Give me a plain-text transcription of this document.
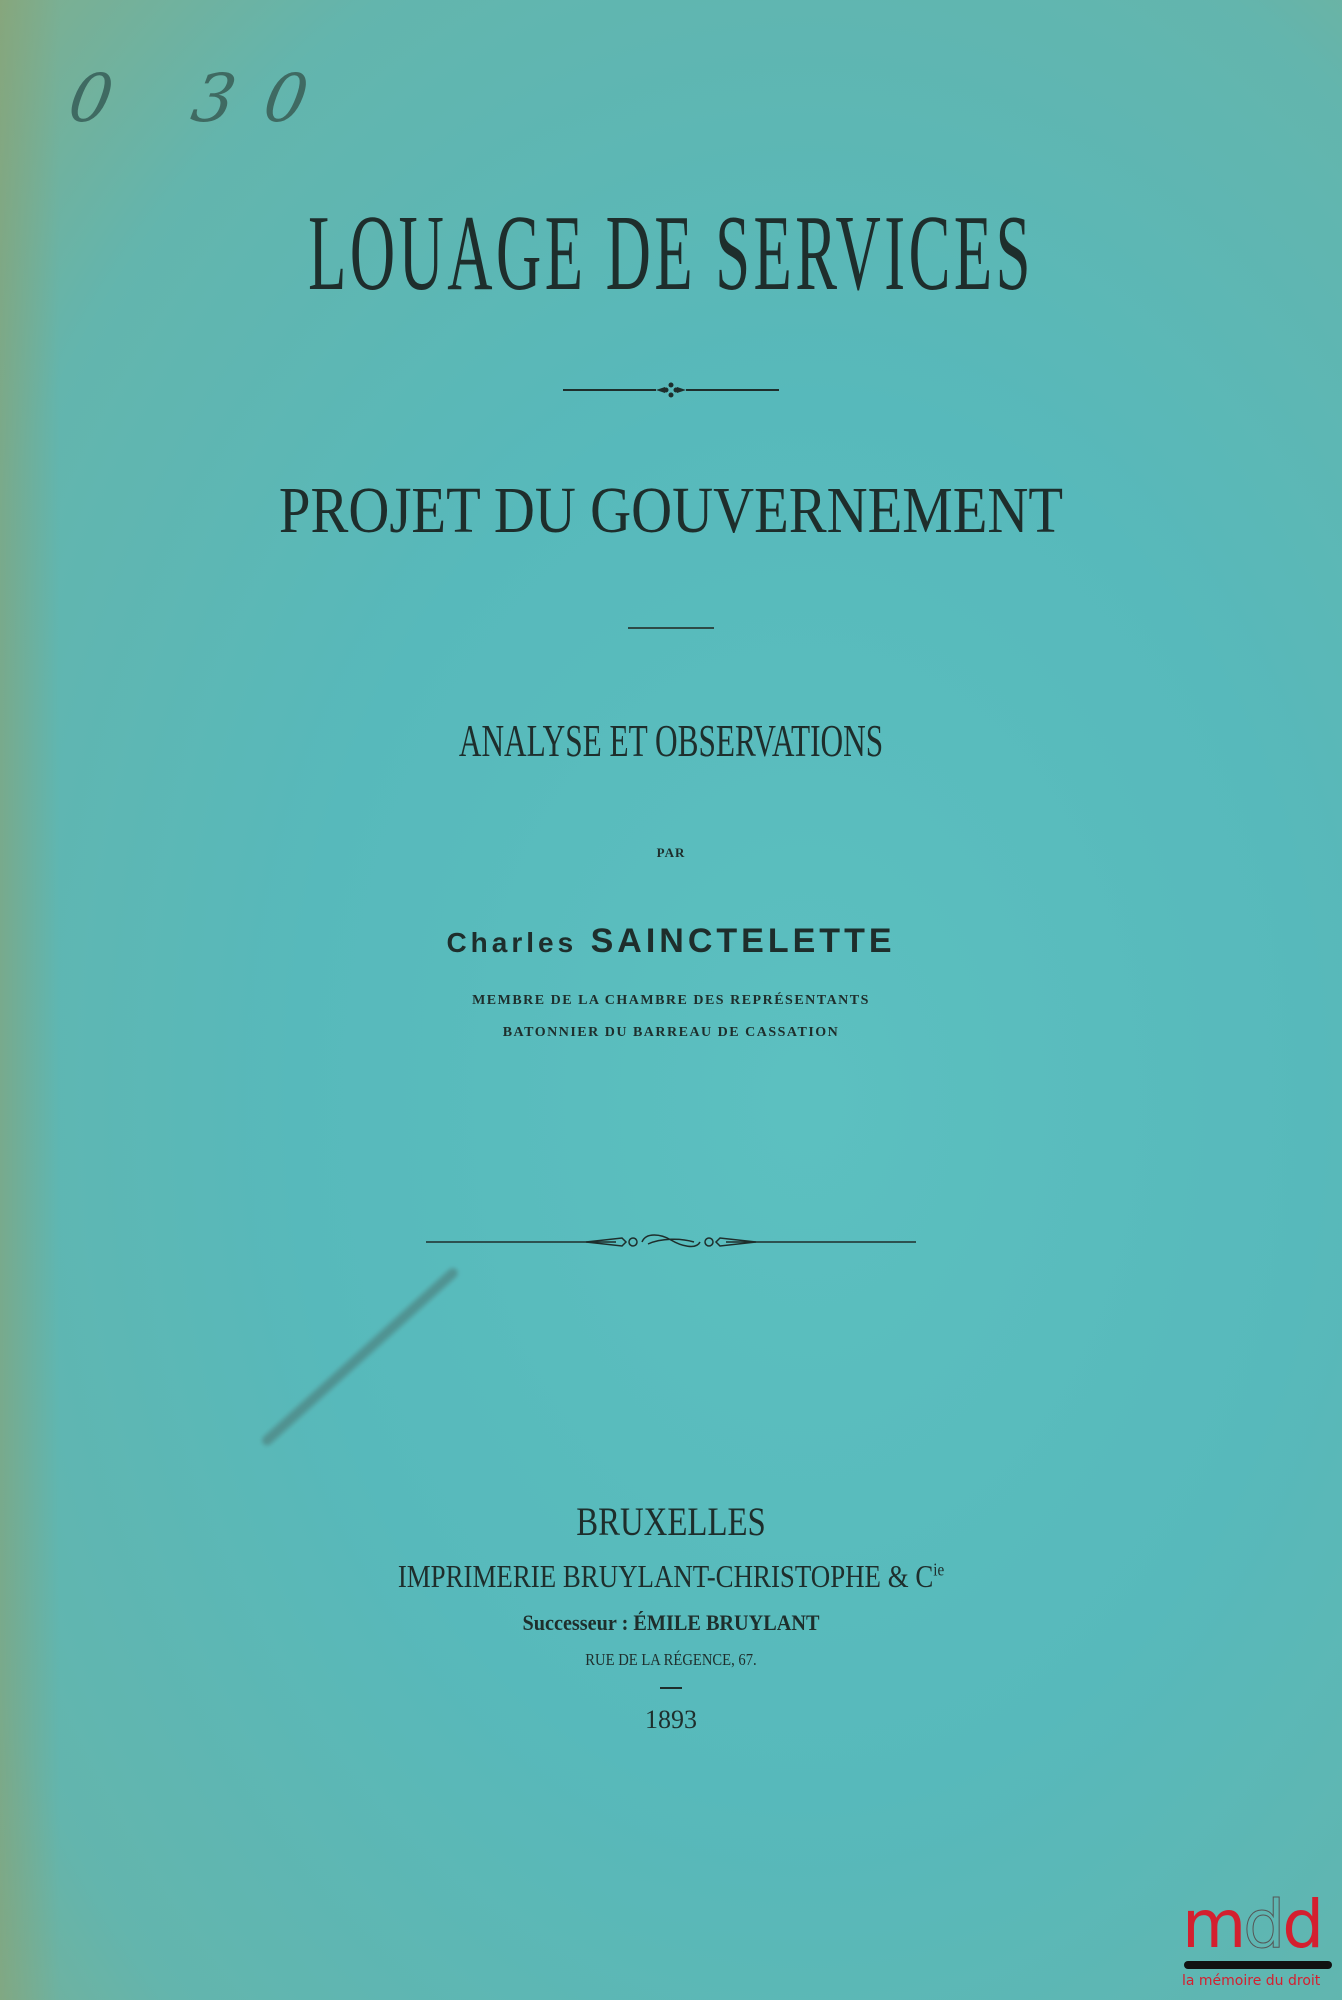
0 30
LOUAGE DE SERVICES
PROJET DU GOUVERNEMENT
ANALYSE ET OBSERVATIONS
PAR
Charles SAINCTELETTE
MEMBRE DE LA CHAMBRE DES REPRÉSENTANTS
BATONNIER DU BARREAU DE CASSATION
BRUXELLES
IMPRIMERIE BRUYLANT-CHRISTOPHE & $C^{ie}$
Successeur : ÉMILE BRUYLANT
RUE DE LA RÉGENCE, 67.
1893
mdd
la mémoire du droit
